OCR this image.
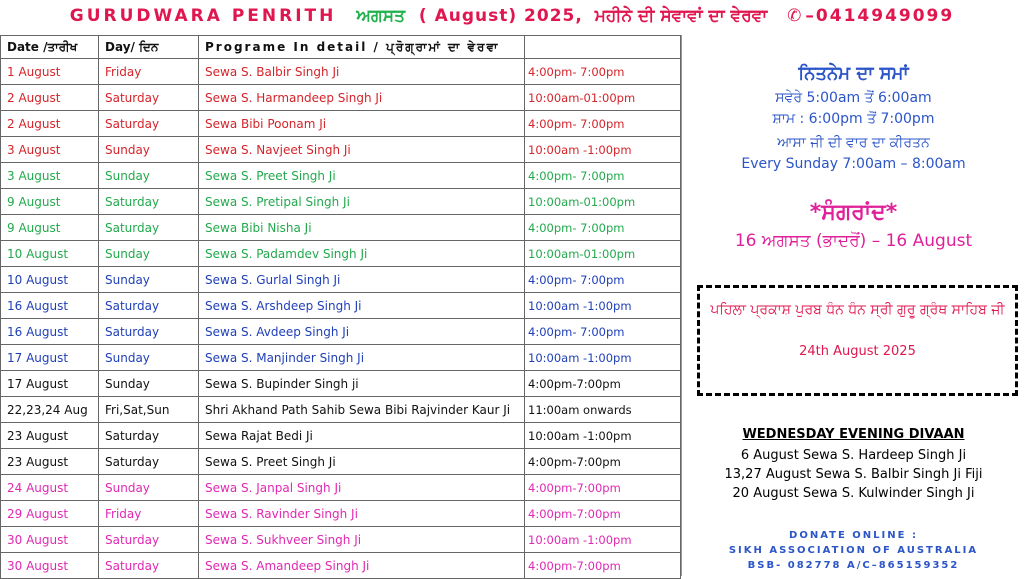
GURUDWARA PENRITH ਅਗਸਤ ( August) 2025, ਮਹੀਨੇ ਦੀ ਸੇਵਾਵਾਂ ਦਾ ਵੇਰਵਾ ✆ –0414949099
Date /ਤਾਰੀਖ	Day/ ਦਿਨ	Programe In detail / ਪ੍ਰੋਗ੍ਰਾਮਾਂ ਦਾ ਵੇਰਵਾ	
1 August	Friday	Sewa S. Balbir Singh Ji	4:00pm- 7:00pm
2 August	Saturday	Sewa S. Harmandeep Singh Ji	10:00am-01:00pm
2 August	Saturday	Sewa Bibi Poonam Ji	4:00pm- 7:00pm
3 August	Sunday	Sewa S. Navjeet Singh Ji	10:00am -1:00pm
3 August	Sunday	Sewa S. Preet Singh Ji	4:00pm- 7:00pm
9 August	Saturday	Sewa S. Pretipal Singh Ji	10:00am-01:00pm
9 August	Saturday	Sewa Bibi Nisha Ji	4:00pm- 7:00pm
10 August	Sunday	Sewa S. Padamdev Singh Ji	10:00am-01:00pm
10 August	Sunday	Sewa S. Gurlal Singh Ji	4:00pm- 7:00pm
16 August	Saturday	Sewa S. Arshdeep Singh Ji	10:00am -1:00pm
16 August	Saturday	Sewa S. Avdeep Singh Ji	4:00pm- 7:00pm
17 August	Sunday	Sewa S. Manjinder Singh Ji	10:00am -1:00pm
17 August	Sunday	Sewa S. Bupinder Singh ji	4:00pm-7:00pm
22,23,24 Aug	Fri,Sat,Sun	Shri Akhand Path Sahib Sewa Bibi Rajvinder Kaur Ji	11:00am onwards
23 August	Saturday	Sewa Rajat Bedi Ji	10:00am -1:00pm
23 August	Saturday	Sewa S. Preet Singh Ji	4:00pm-7:00pm
24 August	Sunday	Sewa S. Janpal Singh Ji	4:00pm-7:00pm
29 August	Friday	Sewa S. Ravinder Singh Ji	4:00pm-7:00pm
30 August	Saturday	Sewa S. Sukhveer Singh Ji	10:00am -1:00pm
30 August	Saturday	Sewa S. Amandeep Singh Ji	4:00pm-7:00pm
ਨਿਤਨੇਮ ਦਾ ਸਮਾਂ
ਸਵੇਰੇ 5:00am ਤੋਂ 6:00am
ਸ਼ਾਮ : 6:00pm ਤੋਂ 7:00pm
ਆਸਾ ਜੀ ਦੀ ਵਾਰ ਦਾ ਕੀਰਤਨ
Every Sunday 7:00am – 8:00am
*ਸੰਗਰਾਂਦ*
16 ਅਗਸਤ (ਭਾਦਰੋਂ) – 16 August
ਪਹਿਲਾ ਪ੍ਰਕਾਸ਼ ਪੁਰਬ ਧੰਨ ਧੰਨ ਸ੍ਰੀ ਗੁਰੂ ਗ੍ਰੰਥ ਸਾਹਿਬ ਜੀ
24th August 2025
WEDNESDAY EVENING DIVAAN
6 August Sewa S. Hardeep Singh Ji
13,27 August Sewa S. Balbir Singh Ji Fiji
20 August Sewa S. Kulwinder Singh Ji
DONATE ONLINE :
SIKH ASSOCIATION OF AUSTRALIA
BSB- 082778 A/C–865159352
